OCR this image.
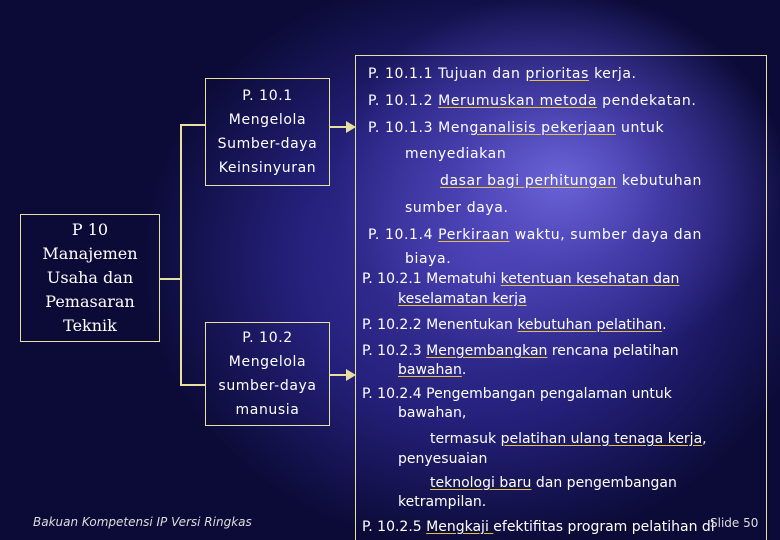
P. 10.1
Mengelola
Sumber-daya
Keinsinyuran
P. 10.2
Mengelola
sumber-daya
manusia
P 10
Manajemen
Usaha dan
Pemasaran
Teknik
P. 10.1.1 Tujuan dan prioritas kerja.
P. 10.1.2 Merumuskan metoda pendekatan.
P. 10.1.3 Menganalisis pekerjaan untuk
menyediakan
dasar bagi perhitungan kebutuhan
sumber daya.
P. 10.1.4 Perkiraan waktu, sumber daya dan
biaya.
P. 10.2.1 Mematuhi ketentuan kesehatan dan
keselamatan kerja
P. 10.2.2 Menentukan kebutuhan pelatihan.
P. 10.2.3 Mengembangkan rencana pelatihan
bawahan.
P. 10.2.4 Pengembangan pengalaman untuk
bawahan,
termasuk pelatihan ulang tenaga kerja,
penyesuaian
teknologi baru dan pengembangan
ketrampilan.
P. 10.2.5 Mengkaji efektifitas program pelatihan di
Bakuan Kompetensi IP Versi Ringkas	Slide 50
